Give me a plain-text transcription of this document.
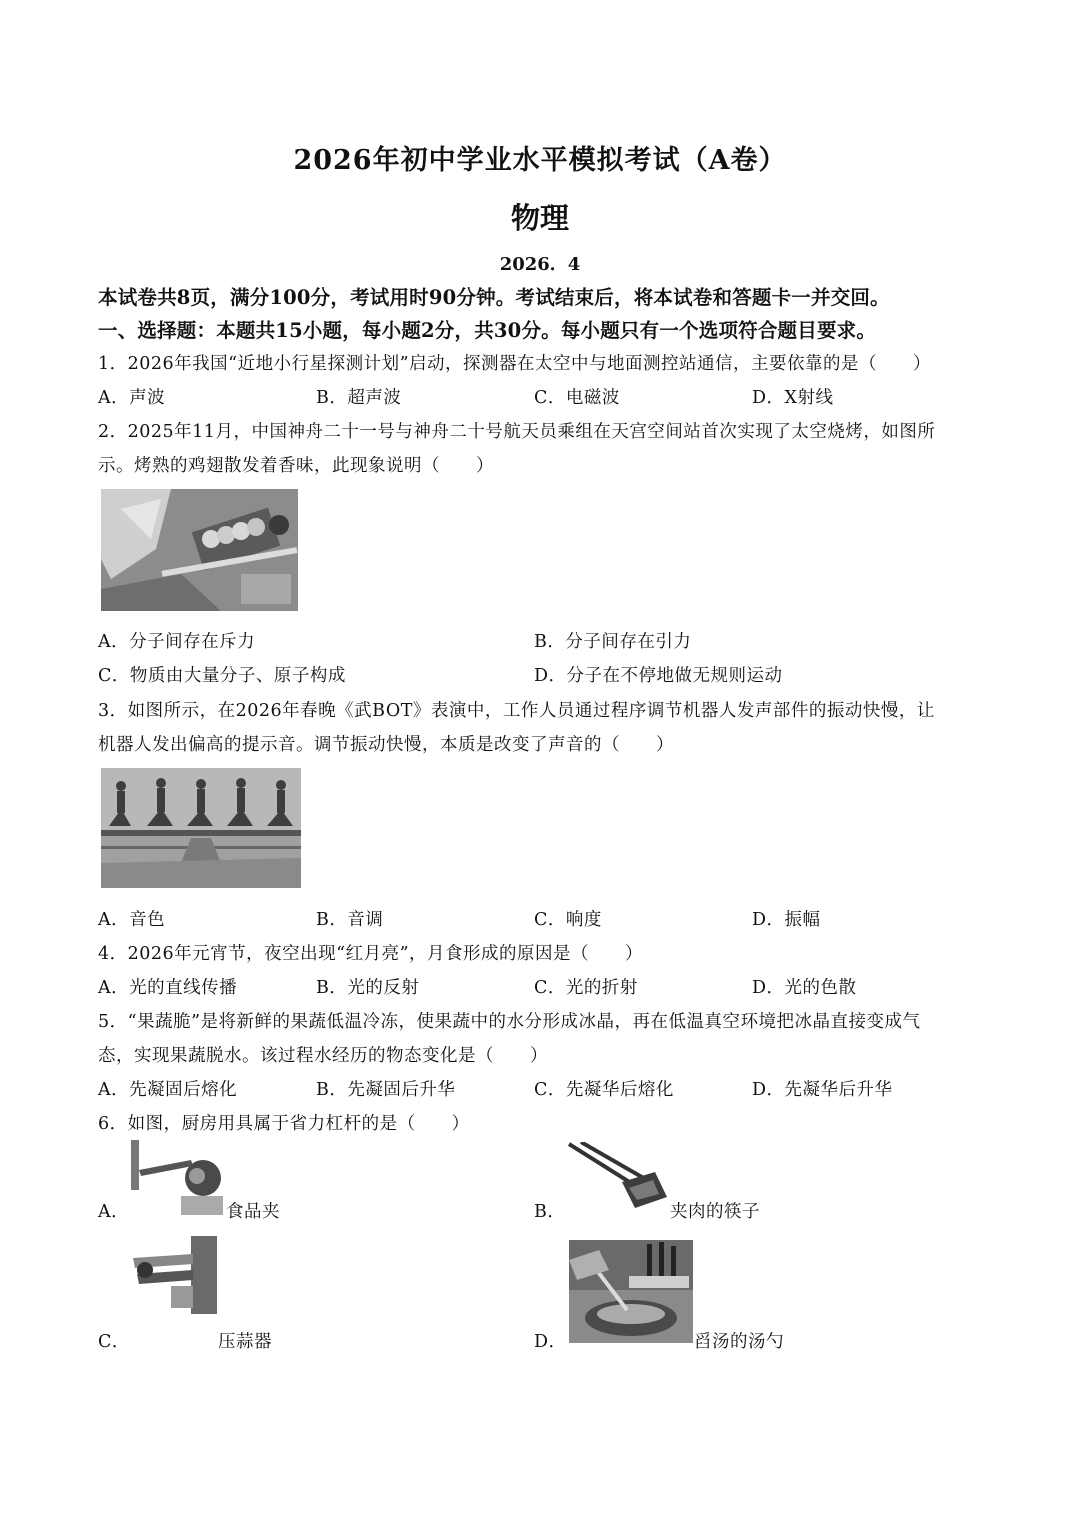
2026年初中学业水平模拟考试（A卷）
物理
2026．4
本试卷共8页，满分100分，考试用时90分钟。考试结束后，将本试卷和答题卡一并交回。
一、选择题：本题共15小题，每小题2分，共30分。每小题只有一个选项符合题目要求。
1．2026年我国“近地小行星探测计划”启动，探测器在太空中与地面测控站通信，主要依靠的是（　　）
A．声波	B．超声波	C．电磁波	D．X射线
2．2025年11月，中国神舟二十一号与神舟二十号航天员乘组在天宫空间站首次实现了太空烧烤，如图所
示。烤熟的鸡翅散发着香味，此现象说明（　　）
A．分子间存在斥力	B．分子间存在引力
C．物质由大量分子、原子构成	D．分子在不停地做无规则运动
3．如图所示，在2026年春晚《武BOT》表演中，工作人员通过程序调节机器人发声部件的振动快慢，让
机器人发出偏高的提示音。调节振动快慢，本质是改变了声音的（　　）
A．音色	B．音调	C．响度	D．振幅
4．2026年元宵节，夜空出现“红月亮”，月食形成的原因是（　　）
A．光的直线传播	B．光的反射	C．光的折射	D．光的色散
5．“果蔬脆”是将新鲜的果蔬低温冷冻，使果蔬中的水分形成冰晶，再在低温真空环境把冰晶直接变成气
态，实现果蔬脱水。该过程水经历的物态变化是（　　）
A．先凝固后熔化	B．先凝固后升华	C．先凝华后熔化	D．先凝华后升华
6．如图，厨房用具属于省力杠杆的是（　　）
A．	食品夹	B．	夹肉的筷子
C．	压蒜器	D．	舀汤的汤勺
